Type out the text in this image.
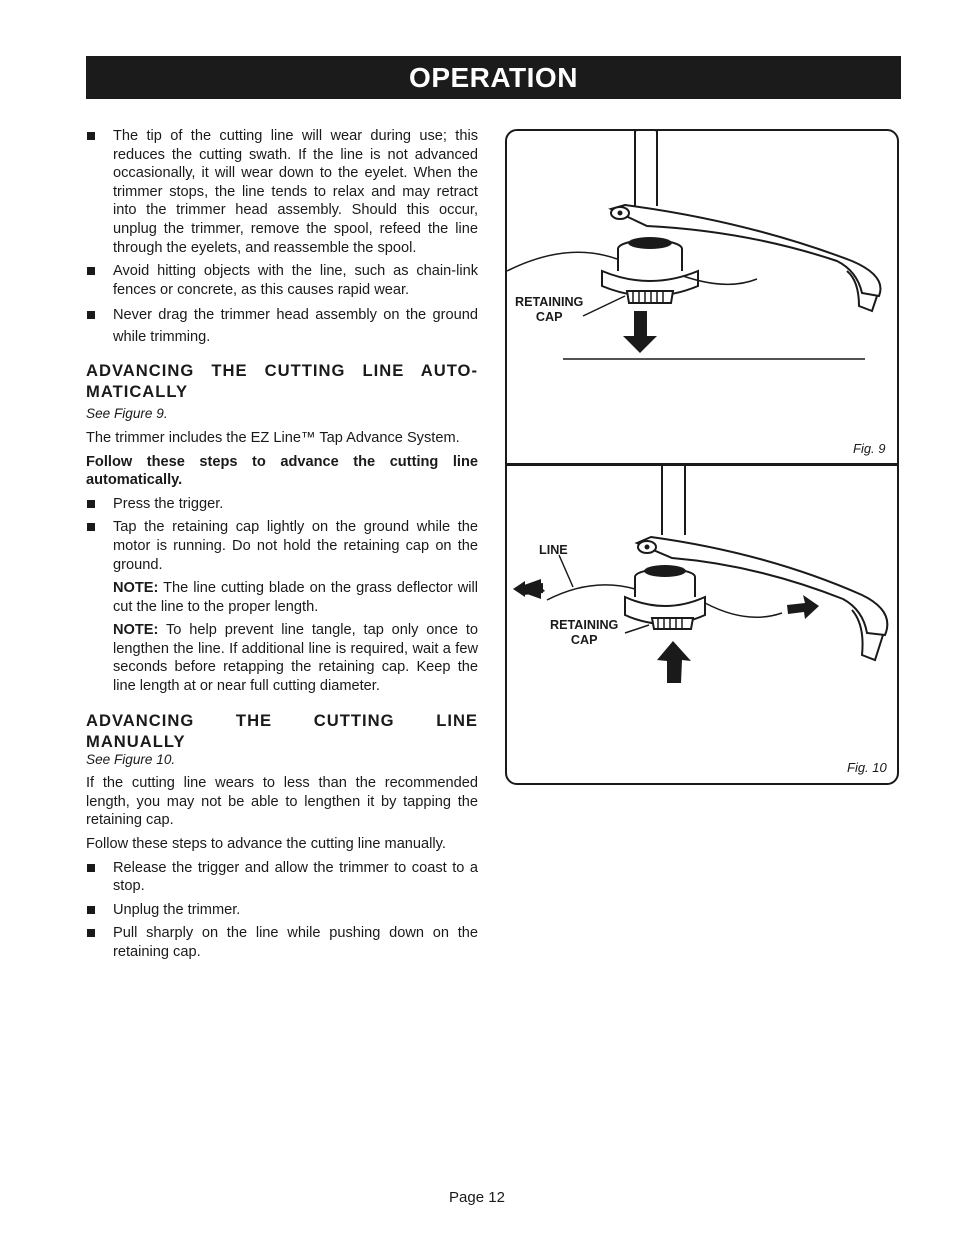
OPERATION
The tip of the cutting line will wear during use; this reduces the cutting swath. If the line is not advanced occasionally, it will wear down to the eyelet. When the trimmer stops, the line tends to relax and may retract into the trimmer head assembly. Should this occur, unplug the trimmer, remove the spool, refeed the line through the eyelets, and reassemble the spool.
Avoid hitting objects with the line, such as chain-link fences or concrete, as this causes rapid wear.
Never drag the trimmer head assembly on the ground while trimming.
ADVANCING THE CUTTING LINE AUTO-
MATICALLY
See Figure 9.
The trimmer includes the EZ Line™ Tap Advance System.
Follow these steps to advance the cutting line automatically.
Press the trigger.
Tap the retaining cap lightly on the ground while the motor is running. Do not hold the retaining cap on the ground.
NOTE: The line cutting blade on the grass deflector will cut the line to the proper length.
NOTE: To help prevent line tangle, tap only once to lengthen the line. If additional line is required, wait a few seconds before retapping the retaining cap. Keep the line length at or near full cutting diameter.
ADVANCING THE CUTTING LINE
MANUALLY
See Figure 10.
If the cutting line wears to less than the recommended length, you may not be able to lengthen it by tapping the retaining cap.
Follow these steps to advance the cutting line manually.
Release the trigger and allow the trimmer to coast to a stop.
Unplug the trimmer.
Pull sharply on the line while pushing down on the retaining cap.
RETAINING
CAP
Fig. 9
LINE
RETAINING
CAP
Fig. 10
Page 12
